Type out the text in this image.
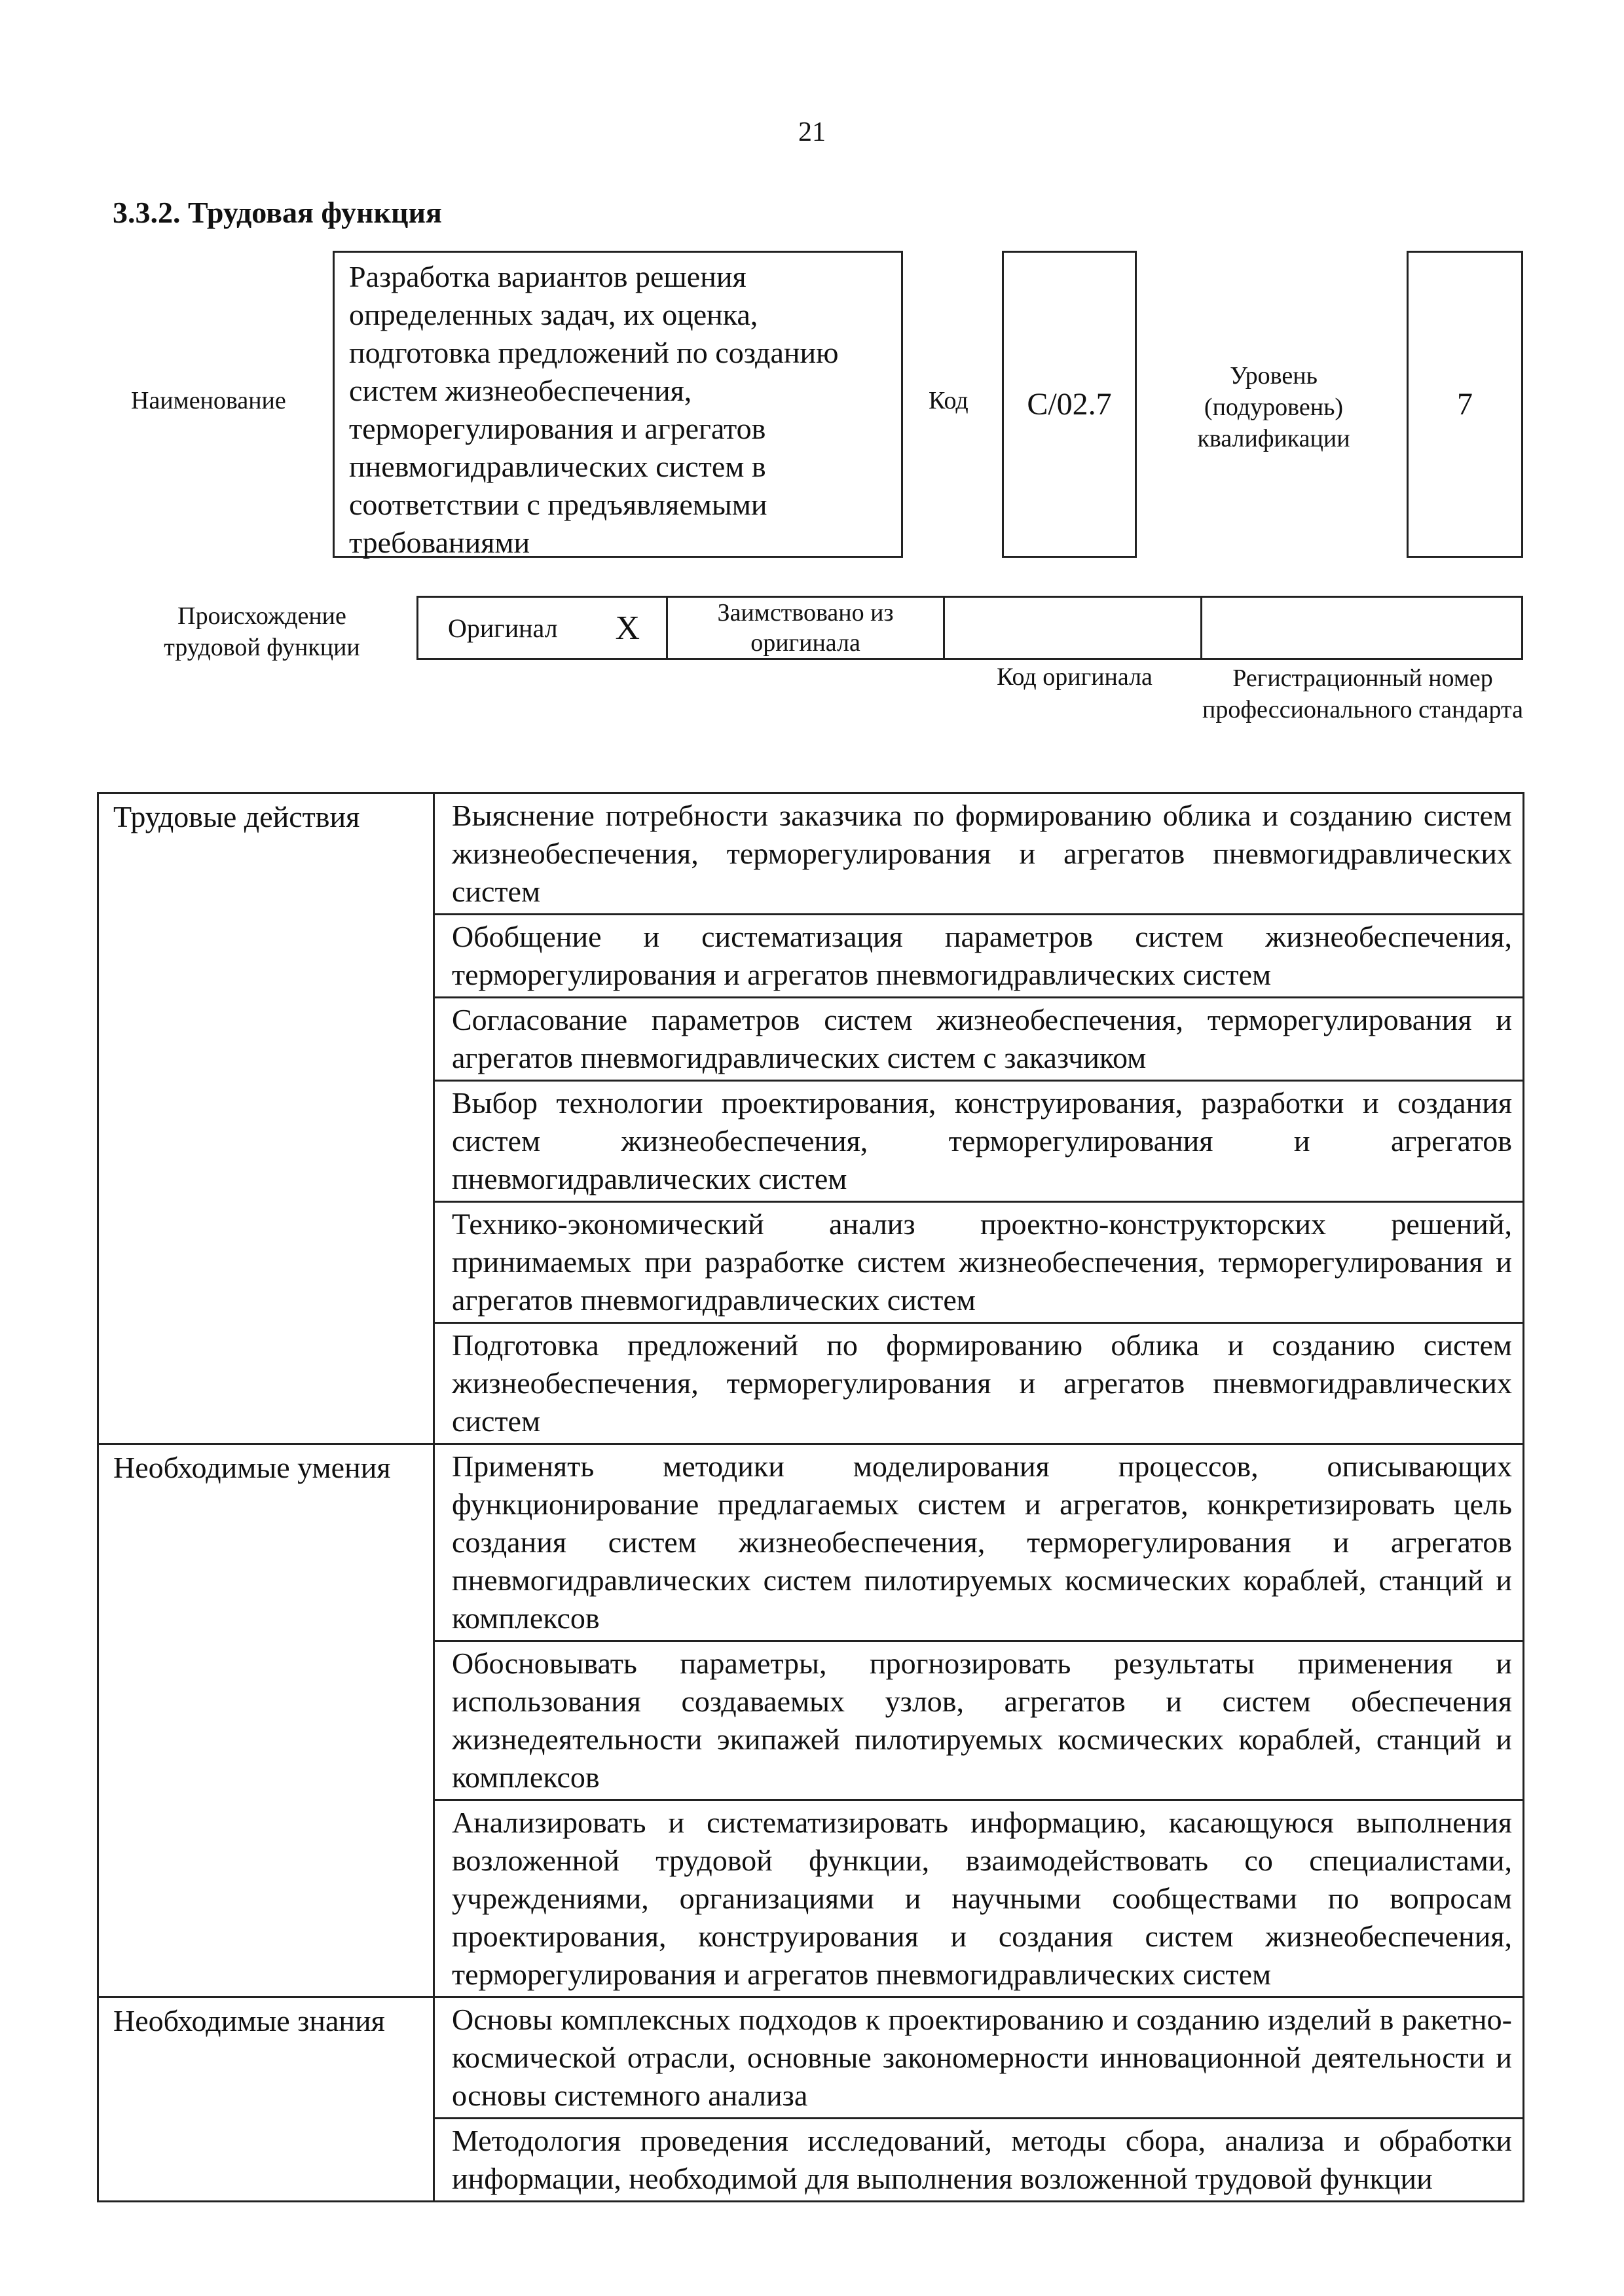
21
3.3.2. Трудовая функция
Наименование
Разработка вариантов решения определенных задач, их оценка, подготовка предложений по созданию систем жизнеобеспечения, терморегулирования и агрегатов пневмогидравлических систем в соответствии с предъявляемыми требованиями
Код С/02.7
Уровень (подуровень) квалификации
7
Происхождение трудовой функции
Оригинал X	Заимствовано из оригинала		
Код оригинала	Регистрационный номер профессионального стандарта
Трудовые действия	Выяснение потребности заказчика по формированию облика и созданию систем жизнеобеспечения, терморегулирования и агрегатов пневмогидравлических систем
	Обобщение и систематизация параметров систем жизнеобеспечения, терморегулирования и агрегатов пневмогидравлических систем
	Согласование параметров систем жизнеобеспечения, терморегулирования и агрегатов пневмогидравлических систем с заказчиком
	Выбор технологии проектирования, конструирования, разработки и создания систем жизнеобеспечения, терморегулирования и агрегатов пневмогидравлических систем
	Технико-экономический анализ проектно-конструкторских решений, принимаемых при разработке систем жизнеобеспечения, терморегулирования и агрегатов пневмогидравлических систем
	Подготовка предложений по формированию облика и созданию систем жизнеобеспечения, терморегулирования и агрегатов пневмогидравлических систем
Необходимые умения	Применять методики моделирования процессов, описывающих функционирование предлагаемых систем и агрегатов, конкретизировать цель создания систем жизнеобеспечения, терморегулирования и агрегатов пневмогидравлических систем пилотируемых космических кораблей, станций и комплексов
	Обосновывать параметры, прогнозировать результаты применения и использования создаваемых узлов, агрегатов и систем обеспечения жизнедеятельности экипажей пилотируемых космических кораблей, станций и комплексов
	Анализировать и систематизировать информацию, касающуюся выполнения возложенной трудовой функции, взаимодействовать со специалистами, учреждениями, организациями и научными сообществами по вопросам проектирования, конструирования и создания систем жизнеобеспечения, терморегулирования и агрегатов пневмогидравлических систем
Необходимые знания	Основы комплексных подходов к проектированию и созданию изделий в ракетно-космической отрасли, основные закономерности инновационной деятельности и основы системного анализа
	Методология проведения исследований, методы сбора, анализа и обработки информации, необходимой для выполнения возложенной трудовой функции
